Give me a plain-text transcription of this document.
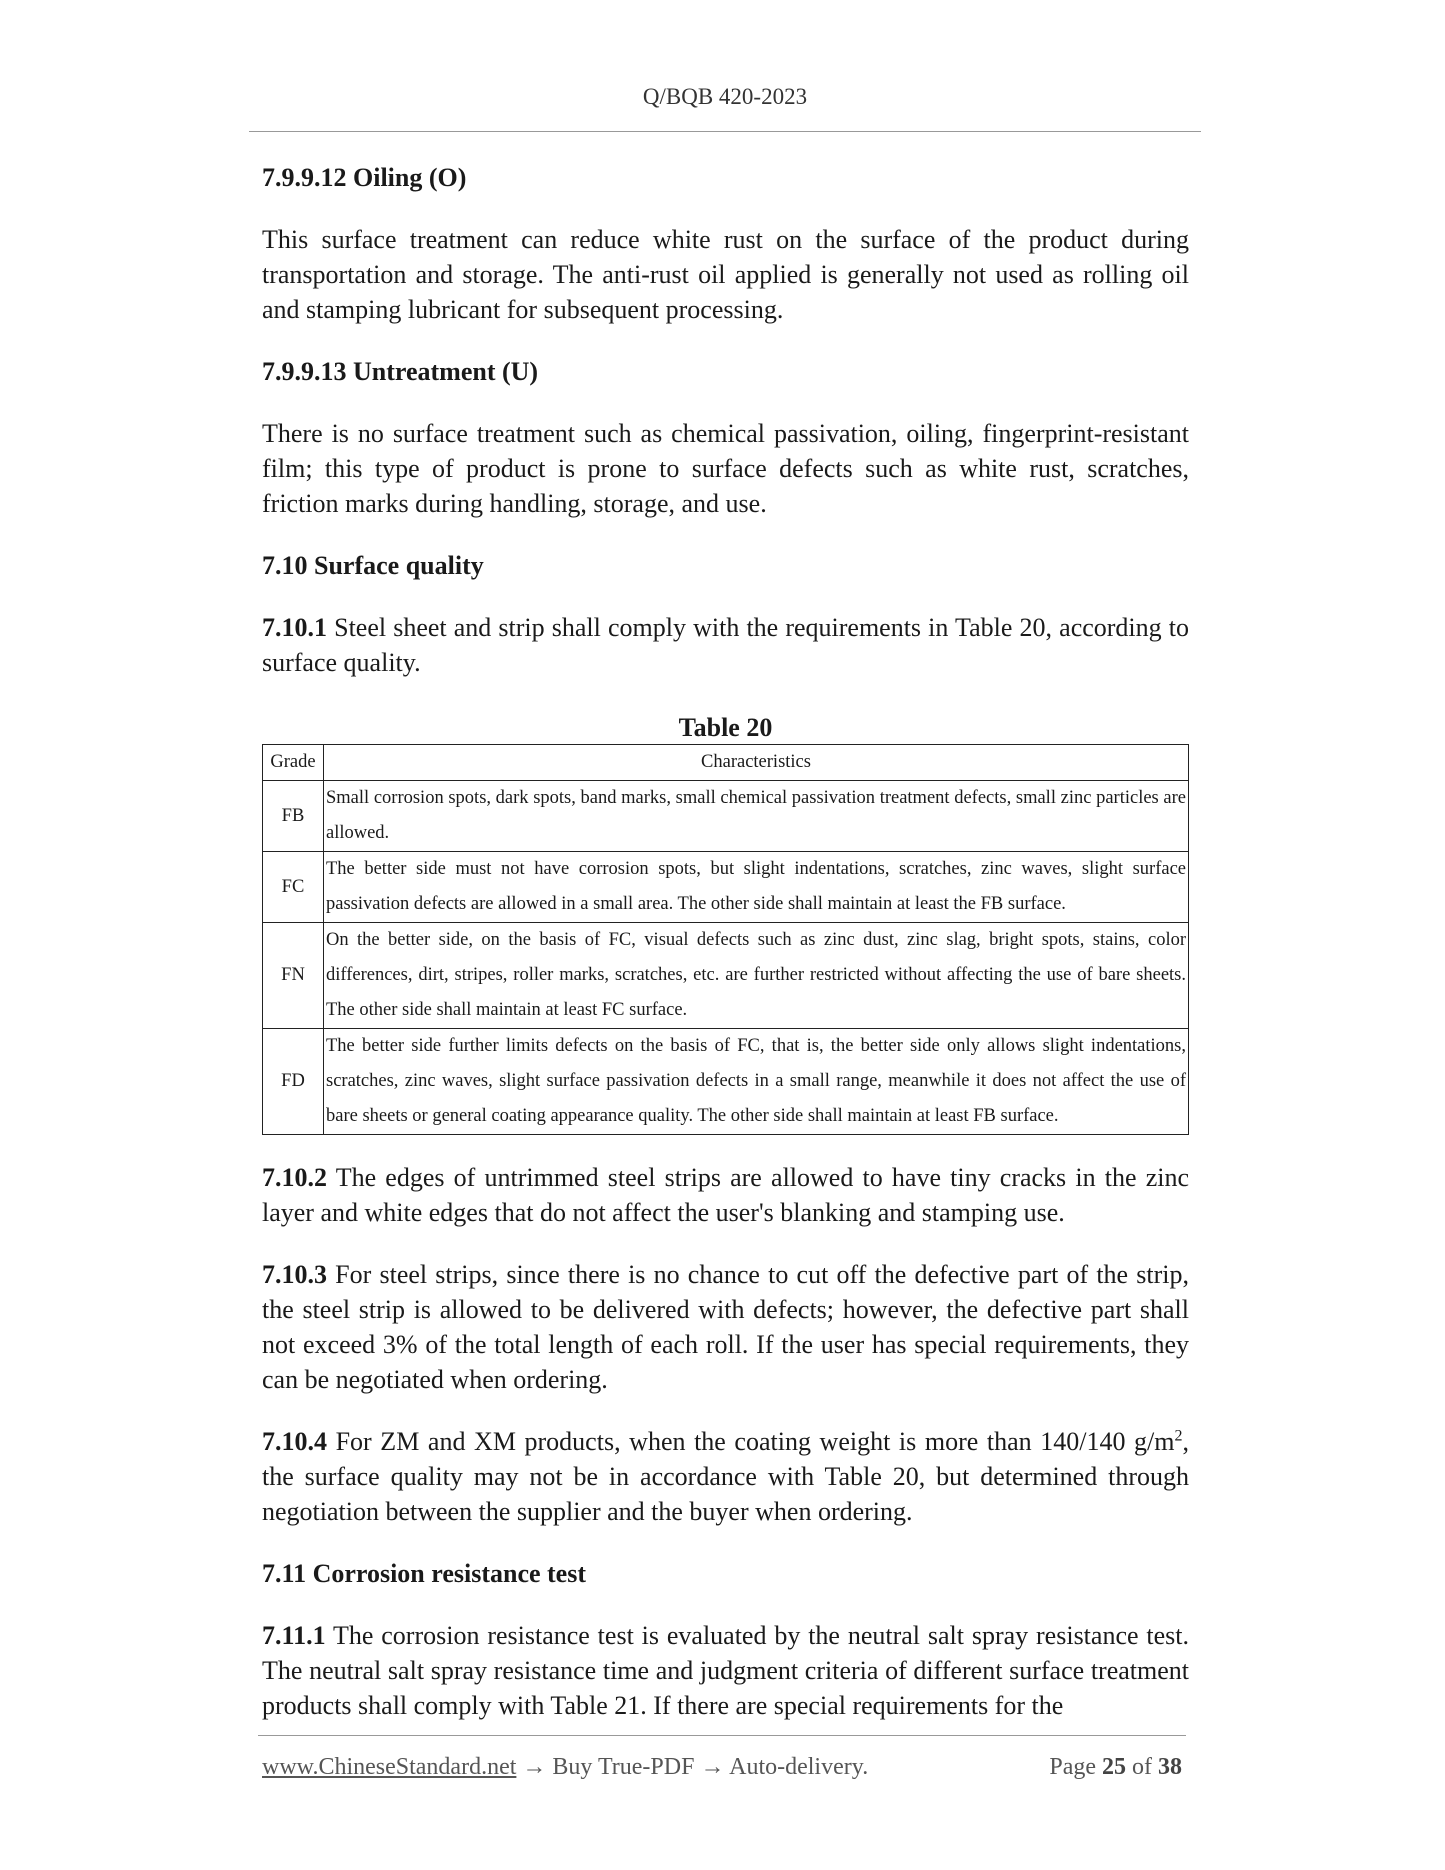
Q/BQB 420-2023

7.9.9.12 Oiling (O)

This surface treatment can reduce white rust on the surface of the product during transportation and storage. The anti-rust oil applied is generally not used as rolling oil and stamping lubricant for subsequent processing.

7.9.9.13 Untreatment (U)

There is no surface treatment such as chemical passivation, oiling, fingerprint-resistant film; this type of product is prone to surface defects such as white rust, scratches, friction marks during handling, storage, and use.

7.10 Surface quality

7.10.1 Steel sheet and strip shall comply with the requirements in Table 20, according to surface quality.

Table 20

Grade	Characteristics
FB	Small corrosion spots, dark spots, band marks, small chemical passivation treatment defects, small zinc particles are allowed.
FC	The better side must not have corrosion spots, but slight indentations, scratches, zinc waves, slight surface passivation defects are allowed in a small area. The other side shall maintain at least the FB surface.
FN	On the better side, on the basis of FC, visual defects such as zinc dust, zinc slag, bright spots, stains, color differences, dirt, stripes, roller marks, scratches, etc. are further restricted without affecting the use of bare sheets. The other side shall maintain at least FC surface.
FD	The better side further limits defects on the basis of FC, that is, the better side only allows slight indentations, scratches, zinc waves, slight surface passivation defects in a small range, meanwhile it does not affect the use of bare sheets or general coating appearance quality. The other side shall maintain at least FB surface.

7.10.2 The edges of untrimmed steel strips are allowed to have tiny cracks in the zinc layer and white edges that do not affect the user's blanking and stamping use.

7.10.3 For steel strips, since there is no chance to cut off the defective part of the strip, the steel strip is allowed to be delivered with defects; however, the defective part shall not exceed 3% of the total length of each roll. If the user has special requirements, they can be negotiated when ordering.

7.10.4 For ZM and XM products, when the coating weight is more than 140/140 $g/m^2$, the surface quality may not be in accordance with Table 20, but determined through negotiation between the supplier and the buyer when ordering.

7.11 Corrosion resistance test

7.11.1 The corrosion resistance test is evaluated by the neutral salt spray resistance test. The neutral salt spray resistance time and judgment criteria of different surface treatment products shall comply with Table 21. If there are special requirements for the

www.ChineseStandard.net → Buy True-PDF → Auto-delivery.	Page 25 of 38
